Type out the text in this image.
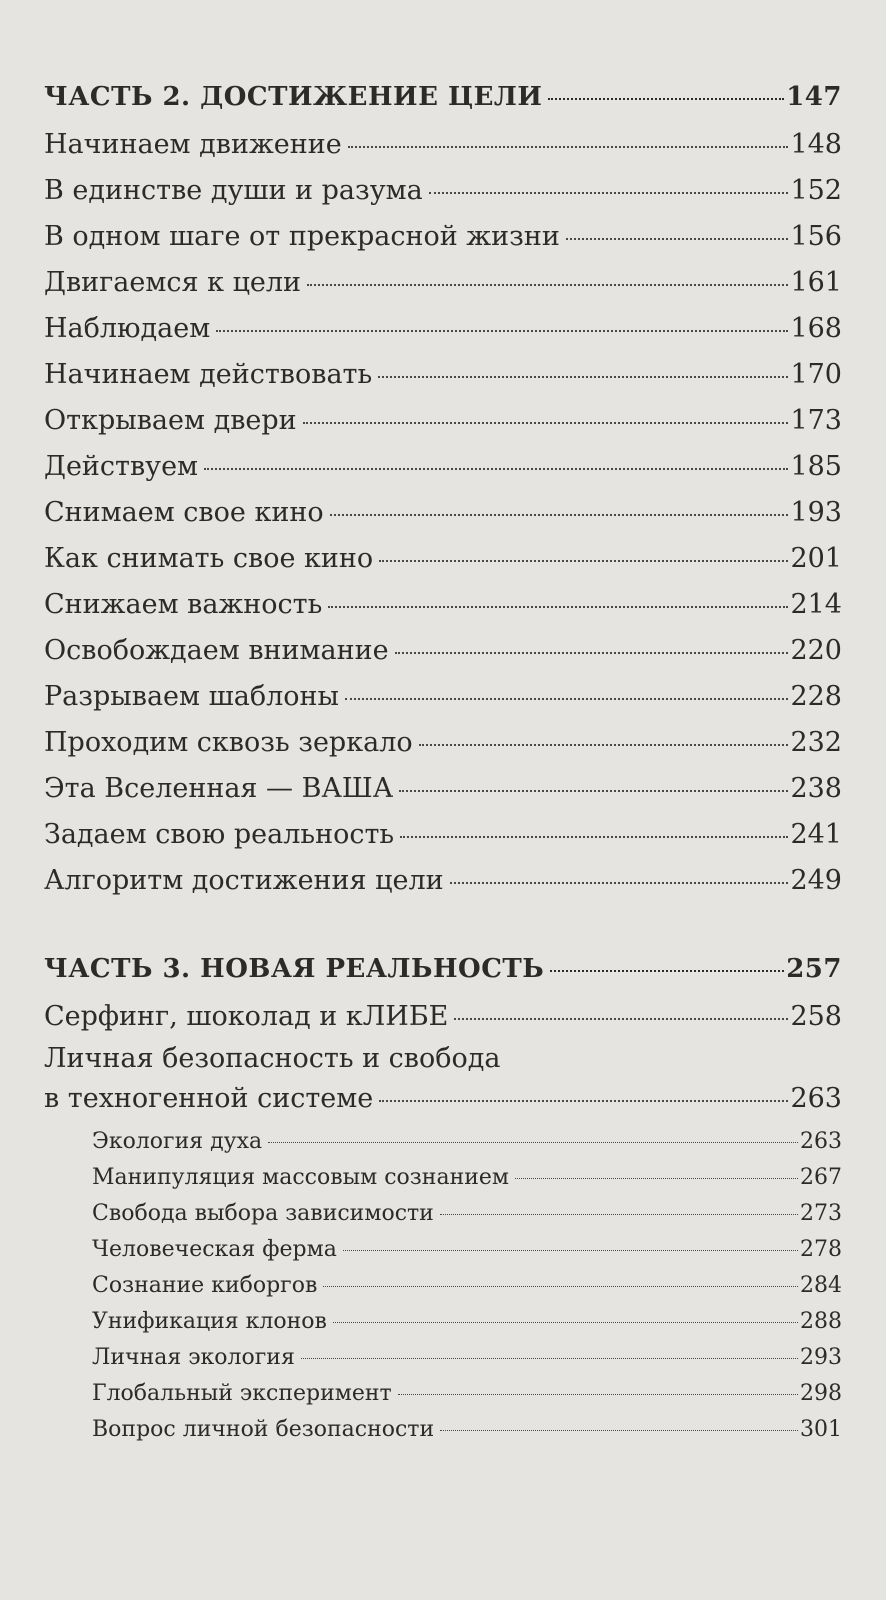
ЧАСТЬ 2. ДОСТИЖЕНИЕ ЦЕЛИ	147
Начинаем движение	148
В единстве души и разума	152
В одном шаге от прекрасной жизни	156
Двигаемся к цели	161
Наблюдаем	168
Начинаем действовать	170
Открываем двери	173
Действуем	185
Снимаем свое кино	193
Как снимать свое кино	201
Снижаем важность	214
Освобождаем внимание	220
Разрываем шаблоны	228
Проходим сквозь зеркало	232
Эта Вселенная — ВАША	238
Задаем свою реальность	241
Алгоритм достижения цели	249
ЧАСТЬ 3. НОВАЯ РЕАЛЬНОСТЬ	257
Серфинг, шоколад и кЛИБЕ	258
Личная безопасность и свобода
в техногенной системе	263
Экология духа	263
Манипуляция массовым сознанием	267
Свобода выбора зависимости	273
Человеческая ферма	278
Сознание киборгов	284
Унификация клонов	288
Личная экология	293
Глобальный эксперимент	298
Вопрос личной безопасности	301
